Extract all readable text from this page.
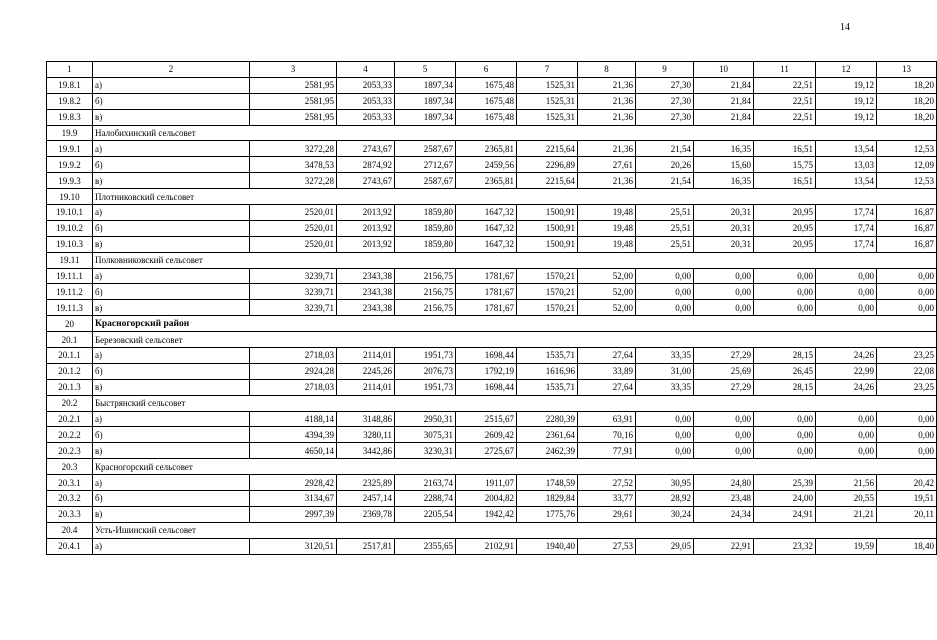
14
1	2	3	4	5	6	7	8	9	10	11	12	13
19.8.1	а)	2581,95	2053,33	1897,34	1675,48	1525,31	21,36	27,30	21,84	22,51	19,12	18,20
19.8.2	б)	2581,95	2053,33	1897,34	1675,48	1525,31	21,36	27,30	21,84	22,51	19,12	18,20
19.8.3	в)	2581,95	2053,33	1897,34	1675,48	1525,31	21,36	27,30	21,84	22,51	19,12	18,20
19.9	Налобихинский сельсовет											
19.9.1	а)	3272,28	2743,67	2587,67	2365,81	2215,64	21,36	21,54	16,35	16,51	13,54	12,53
19.9.2	б)	3478,53	2874,92	2712,67	2459,56	2296,89	27,61	20,26	15,60	15,75	13,03	12,09
19.9.3	в)	3272,28	2743,67	2587,67	2365,81	2215,64	21,36	21,54	16,35	16,51	13,54	12,53
19.10	Плотниковский сельсовет											
19.10.1	а)	2520,01	2013,92	1859,80	1647,32	1500,91	19,48	25,51	20,31	20,95	17,74	16,87
19.10.2	б)	2520,01	2013,92	1859,80	1647,32	1500,91	19,48	25,51	20,31	20,95	17,74	16,87
19.10.3	в)	2520,01	2013,92	1859,80	1647,32	1500,91	19,48	25,51	20,31	20,95	17,74	16,87
19.11	Полковниковский сельсовет											
19.11.1	а)	3239,71	2343,38	2156,75	1781,67	1570,21	52,00	0,00	0,00	0,00	0,00	0,00
19.11.2	б)	3239,71	2343,38	2156,75	1781,67	1570,21	52,00	0,00	0,00	0,00	0,00	0,00
19.11.3	в)	3239,71	2343,38	2156,75	1781,67	1570,21	52,00	0,00	0,00	0,00	0,00	0,00
20	Красногорский район											
20.1	Березовский сельсовет											
20.1.1	а)	2718,03	2114,01	1951,73	1698,44	1535,71	27,64	33,35	27,29	28,15	24,26	23,25
20.1.2	б)	2924,28	2245,26	2076,73	1792,19	1616,96	33,89	31,00	25,69	26,45	22,99	22,08
20.1.3	в)	2718,03	2114,01	1951,73	1698,44	1535,71	27,64	33,35	27,29	28,15	24,26	23,25
20.2	Быстрянский сельсовет											
20.2.1	а)	4188,14	3148,86	2950,31	2515,67	2280,39	63,91	0,00	0,00	0,00	0,00	0,00
20.2.2	б)	4394,39	3280,11	3075,31	2609,42	2361,64	70,16	0,00	0,00	0,00	0,00	0,00
20.2.3	в)	4650,14	3442,86	3230,31	2725,67	2462,39	77,91	0,00	0,00	0,00	0,00	0,00
20.3	Красногорский сельсовет											
20.3.1	а)	2928,42	2325,89	2163,74	1911,07	1748,59	27,52	30,95	24,80	25,39	21,56	20,42
20.3.2	б)	3134,67	2457,14	2288,74	2004,82	1829,84	33,77	28,92	23,48	24,00	20,55	19,51
20.3.3	в)	2997,39	2369,78	2205,54	1942,42	1775,76	29,61	30,24	24,34	24,91	21,21	20,11
20.4	Усть-Ишинский сельсовет											
20.4.1	а)	3120,51	2517,81	2355,65	2102,91	1940,40	27,53	29,05	22,91	23,32	19,59	18,40
